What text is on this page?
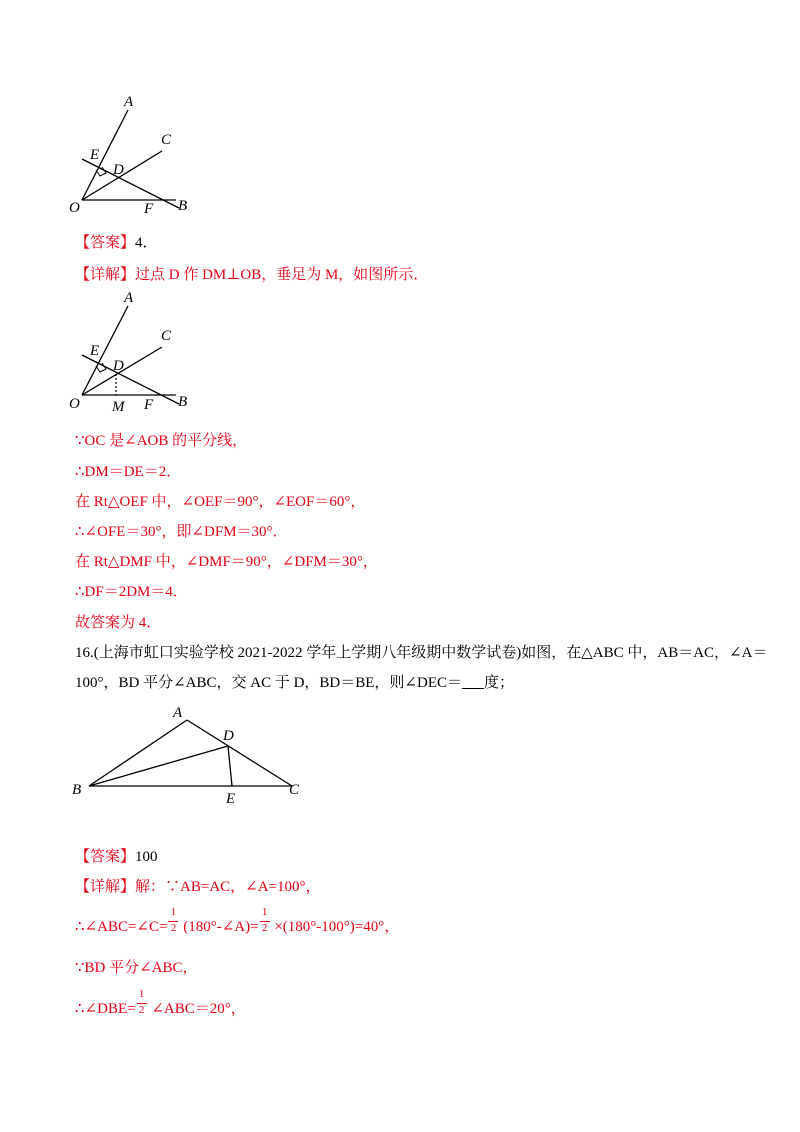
A
C
E
D
O	F B
【答案】4．
【详解】过点 D 作 DM⊥OB，垂足为 M，如图所示．
A
C
E
D
O M F B
∵OC 是∠AOB 的平分线，
∴DM＝DE＝2．
在 Rt△OEF 中，∠OEF＝90°，∠EOF＝60°，
∴∠OFE＝30°，即∠DFM＝30°．
在 Rt△DMF 中，∠DMF＝90°，∠DFM＝30°，
∴DF＝2DM＝4．
故答案为 4．
16.(上海市虹口实验学校 2021-2022 学年上学期八年级期中数学试卷)如图，在△ABC 中，AB＝AC，∠A＝
100°，BD 平分∠ABC，交 AC 于 D，BD＝BE，则∠DEC＝ 度；
A
D
B
E
C
【答案】100
【详解】解：∵AB=AC，∠A=100°，
∴∠ABC=∠C= $\frac{1}{2}$ (180°-∠A)= $\frac{1}{2} \times(180^\circ-100^\circ)=40^\circ$，
∵BD 平分∠ABC，
∴∠DBE= $\frac{1}{2}$ ∠ABC＝20°，
